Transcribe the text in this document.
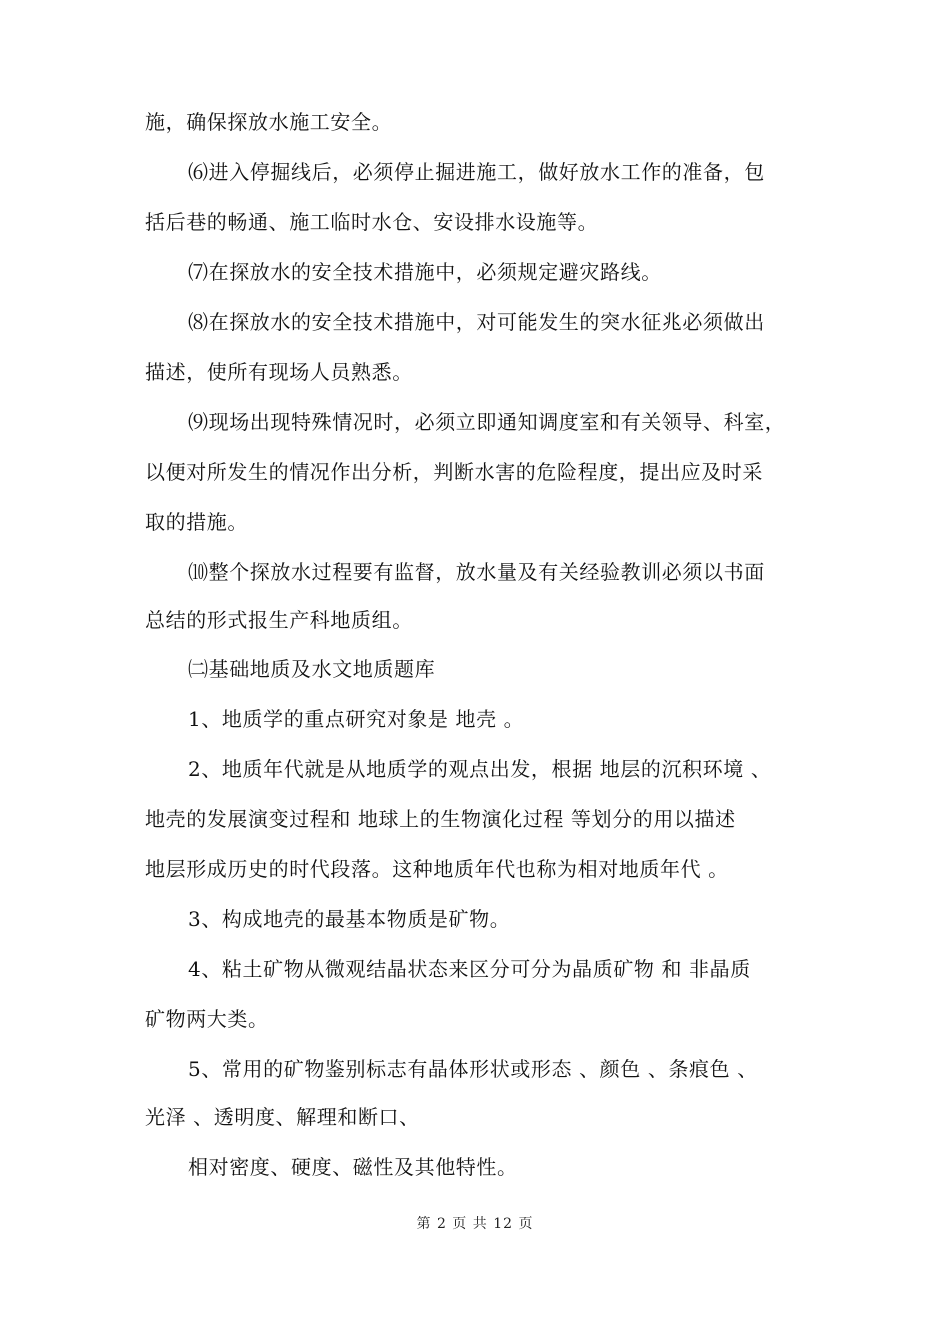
施，确保探放水施工安全。
⑹进入停掘线后，必须停止掘进施工，做好放水工作的准备，包
括后巷的畅通、施工临时水仓、安设排水设施等。
⑺在探放水的安全技术措施中，必须规定避灾路线。
⑻在探放水的安全技术措施中，对可能发生的突水征兆必须做出
描述，使所有现场人员熟悉。
⑼现场出现特殊情况时，必须立即通知调度室和有关领导、科室，
以便对所发生的情况作出分析，判断水害的危险程度，提出应及时采
取的措施。
⑽整个探放水过程要有监督，放水量及有关经验教训必须以书面
总结的形式报生产科地质组。
㈡基础地质及水文地质题库
1、地质学的重点研究对象是 地壳 。
2、地质年代就是从地质学的观点出发，根据 地层的沉积环境 、
地壳的发展演变过程和 地球上的生物演化过程 等划分的用以描述
地层形成历史的时代段落。这种地质年代也称为相对地质年代 。
3、构成地壳的最基本物质是矿物。
4、粘土矿物从微观结晶状态来区分可分为晶质矿物 和 非晶质
矿物两大类。
5、常用的矿物鉴别标志有晶体形状或形态 、颜色 、条痕色 、
光泽 、透明度、解理和断口、
相对密度、硬度、磁性及其他特性。
第 2 页 共 12 页
